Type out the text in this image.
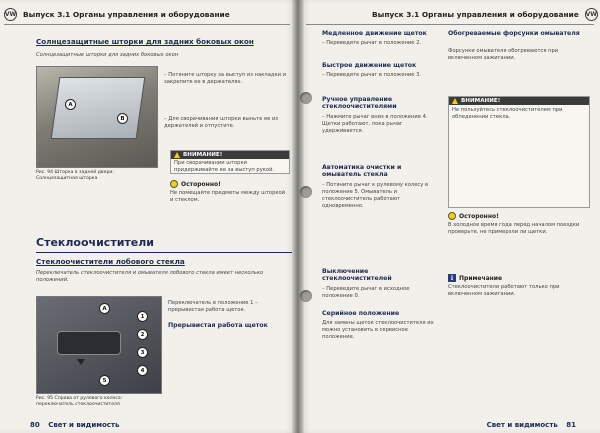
VW Выпуск 3.1 Органы управления и оборудование
Солнцезащитные шторки для задних боковых окон
Солнцезащитные шторки для задних боковых окон
A
B
Рис. 94 Шторка в задней двери: Солнцезащитная шторка
– Потяните шторку за выступ из накладки и закрепите ее в держателях.
– Для сворачивания шторки выньте ее из держателей и отпустите.
ВНИМАНИЕ!
При сворачивании шторки придерживайте ее за выступ рукой.
Осторонно!
Не помещайте предметы между шторкой и стеклом.
Стеклоочистители
Стеклоочистители лобового стекла
Переключатель стеклоочистителя и омывателя лобового стекла имеет несколько положений.
A
1
2
3
4
5
Рис. 95 Справа от рулевого колеса: переключатель стеклоочистителя
Переключатель в положение 1 – прерывистая работа щеток.
Прерывистая работа щеток
80 Свет и видимость
Выпуск 3.1 Органы управления и оборудование VW
Медленное движение щеток
– Переведите рычаг в положение 2.
Быстрое движение щеток
– Переведите рычаг в положение 3.
Ручное управление стеклоочистителями
– Нажмите рычаг вниз в положение 4. Щетки работают, пока рычаг удерживается.
Автоматика очистки и омыватель стекла
– Потяните рычаг к рулевому колесу в положение 5. Омыватель и стеклоочиститель работают одновременно.
Выключение стеклоочистителей
– Переведите рычаг в исходное положение 0.
Серийное положение
Для замены щеток стеклоочистителя их можно установить в сервисное положение.
Обогреваемые форсунки омывателя
Форсунки омывателя обогреваются при включенном зажигании.
ВНИМАНИЕ!
Не пользуйтесь стеклоочистителем при обледенении стекла.
Осторонно!
В холодное время года перед началом поездки проверьте, не примерзли ли щетки.
i Примечание
Стеклоочистители работают только при включенном зажигании.
Свет и видимость 81
